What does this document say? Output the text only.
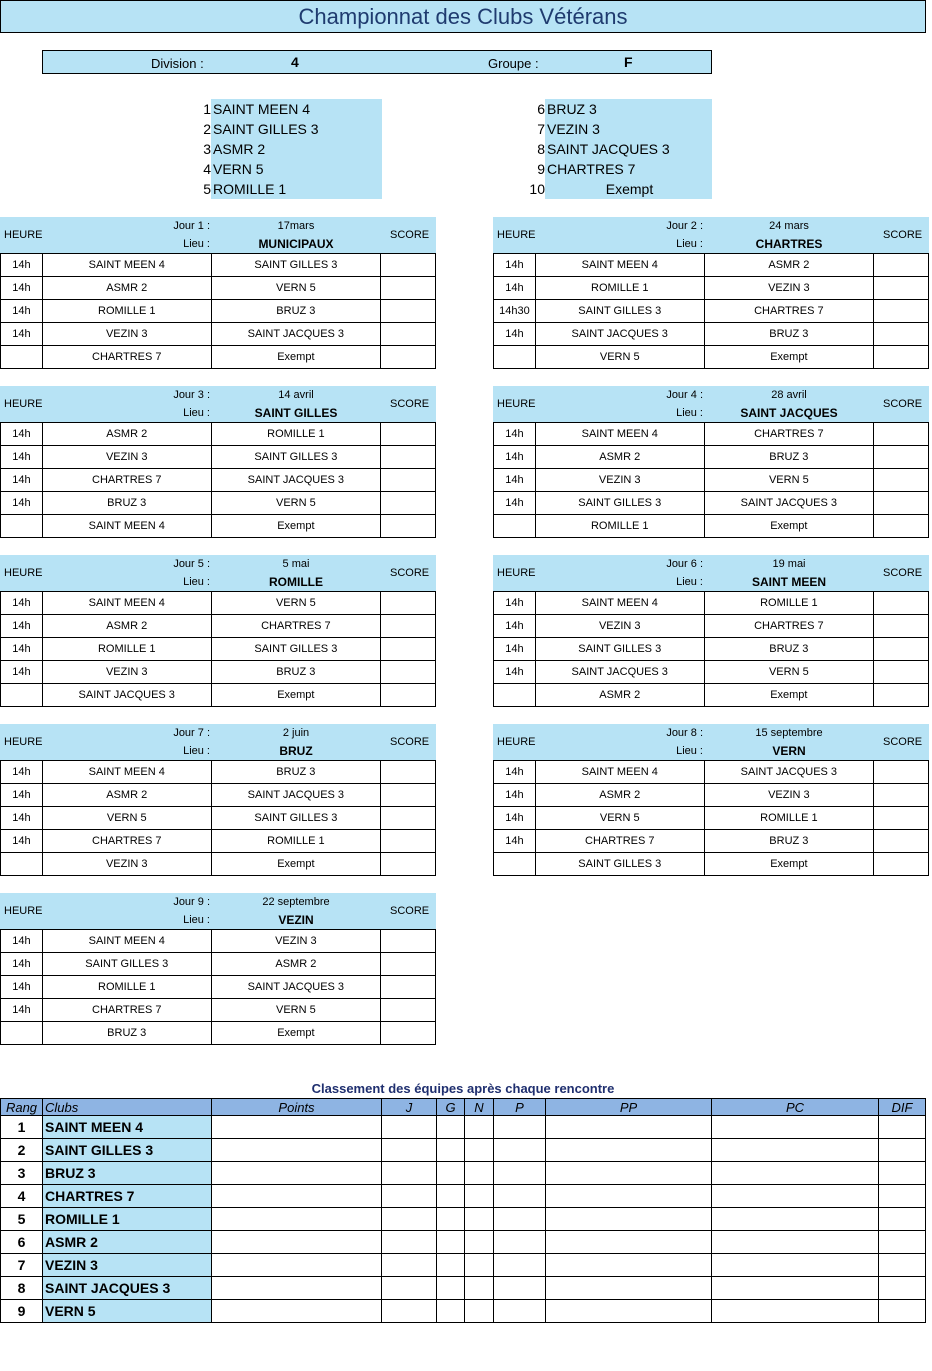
Championnat des Clubs Vétérans
Division :	4	Groupe :	F
1 SAINT MEEN 4
2 SAINT GILLES 3
3 ASMR 2
4 VERN 5
5 ROMILLE 1
6 BRUZ 3
7 VEZIN 3
8 SAINT JACQUES 3
9 CHARTRES 7
10	Exempt
HEURE
Jour 1 :
Lieu :
17mars
MUNICIPAUX
SCORE
14h	SAINT MEEN 4	SAINT GILLES 3	
14h	ASMR 2	VERN 5	
14h	ROMILLE 1	BRUZ 3	
14h	VEZIN 3	SAINT JACQUES 3	
	CHARTRES 7	Exempt	
HEURE
Jour 2 :
Lieu :
24 mars
CHARTRES
SCORE
14h	SAINT MEEN 4	ASMR 2	
14h	ROMILLE 1	VEZIN 3	
14h30	SAINT GILLES 3	CHARTRES 7	
14h	SAINT JACQUES 3	BRUZ 3	
	VERN 5	Exempt	
HEURE
Jour 3 :
Lieu :
14 avril
SAINT GILLES
SCORE
14h	ASMR 2	ROMILLE 1	
14h	VEZIN 3	SAINT GILLES 3	
14h	CHARTRES 7	SAINT JACQUES 3	
14h	BRUZ 3	VERN 5	
	SAINT MEEN 4	Exempt	
HEURE
Jour 4 :
Lieu :
28 avril
SAINT JACQUES
SCORE
14h	SAINT MEEN 4	CHARTRES 7	
14h	ASMR 2	BRUZ 3	
14h	VEZIN 3	VERN 5	
14h	SAINT GILLES 3	SAINT JACQUES 3	
	ROMILLE 1	Exempt	
HEURE
Jour 5 :
Lieu :
5 mai
ROMILLE
SCORE
14h	SAINT MEEN 4	VERN 5	
14h	ASMR 2	CHARTRES 7	
14h	ROMILLE 1	SAINT GILLES 3	
14h	VEZIN 3	BRUZ 3	
	SAINT JACQUES 3	Exempt	
HEURE
Jour 6 :
Lieu :
19 mai
SAINT MEEN
SCORE
14h	SAINT MEEN 4	ROMILLE 1	
14h	VEZIN 3	CHARTRES 7	
14h	SAINT GILLES 3	BRUZ 3	
14h	SAINT JACQUES 3	VERN 5	
	ASMR 2	Exempt	
HEURE
Jour 7 :
Lieu :
2 juin
BRUZ
SCORE
14h	SAINT MEEN 4	BRUZ 3	
14h	ASMR 2	SAINT JACQUES 3	
14h	VERN 5	SAINT GILLES 3	
14h	CHARTRES 7	ROMILLE 1	
	VEZIN 3	Exempt	
HEURE
Jour 8 :
Lieu :
15 septembre
VERN
SCORE
14h	SAINT MEEN 4	SAINT JACQUES 3	
14h	ASMR 2	VEZIN 3	
14h	VERN 5	ROMILLE 1	
14h	CHARTRES 7	BRUZ 3	
	SAINT GILLES 3	Exempt	
HEURE
Jour 9 :
Lieu :
22 septembre
VEZIN
SCORE
14h	SAINT MEEN 4	VEZIN 3	
14h	SAINT GILLES 3	ASMR 2	
14h	ROMILLE 1	SAINT JACQUES 3	
14h	CHARTRES 7	VERN 5	
	BRUZ 3	Exempt	
Classement des équipes après chaque rencontre
Rang	Clubs	Points	J	G	N	P	PP	PC	DIF
1	SAINT MEEN 4								
2	SAINT GILLES 3								
3	BRUZ 3								
4	CHARTRES 7								
5	ROMILLE 1								
6	ASMR 2								
7	VEZIN 3								
8	SAINT JACQUES 3								
9	VERN 5								
